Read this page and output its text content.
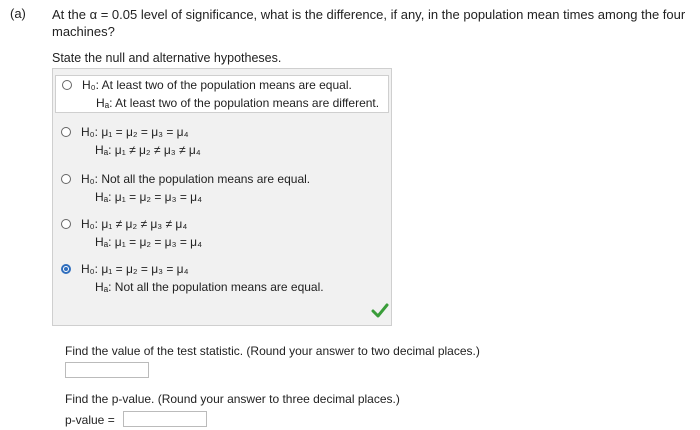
(a) At the α = 0.05 level of significance, what is the difference, if any, in the population mean times among the four machines?
State the null and alternative hypotheses.
H₀: At least two of the population means are equal.

Hₐ: At least two of the population means are different.
H₀: μ₁ = μ₂ = μ₃ = μ₄

Hₐ: μ₁ ≠ μ₂ ≠ μ₃ ≠ μ₄
H₀: Not all the population means are equal.

Hₐ: μ₁ = μ₂ = μ₃ = μ₄
H₀: μ₁ ≠ μ₂ ≠ μ₃ ≠ μ₄

Hₐ: μ₁ = μ₂ = μ₃ = μ₄
H₀: μ₁ = μ₂ = μ₃ = μ₄

Hₐ: Not all the population means are equal.
Find the value of the test statistic. (Round your answer to two decimal places.)
Find the p-value. (Round your answer to three decimal places.)
p-value =
